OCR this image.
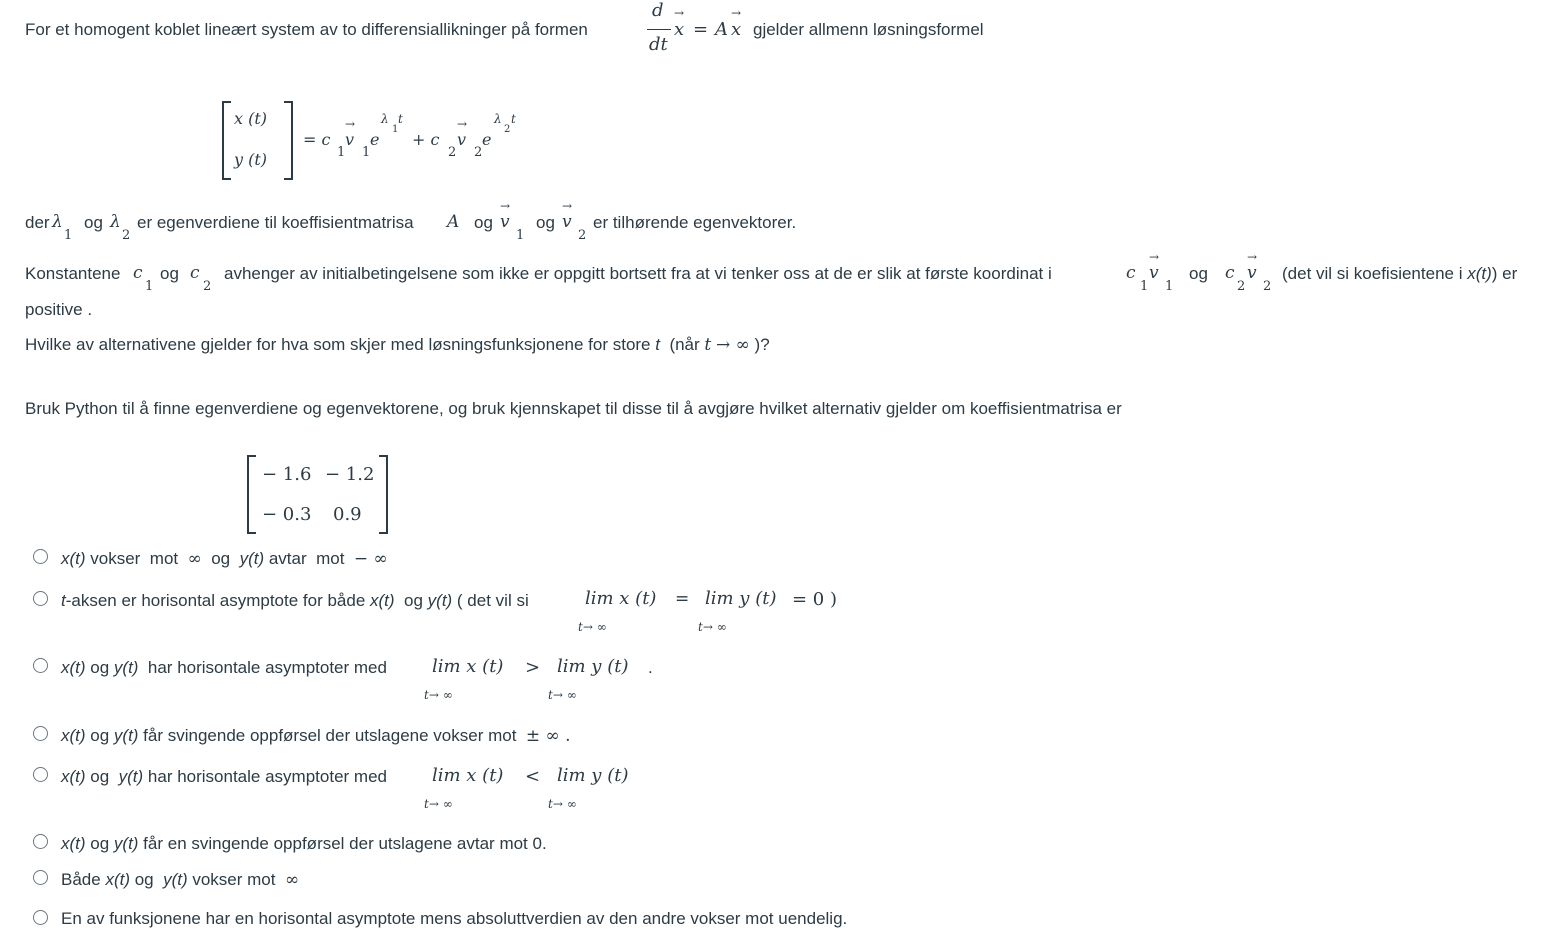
For et homogent koblet lineært system av to differensiallikninger på formen
d
dt
→ x = A → x gjelder allmenn løsningsformel
x (t)
y (t)
= c
1
→ v
1
e
λ
1
t
+ c
2
→ v
2
e
λ
2
t
der λ
1
og λ
2
er egenverdiene til koeffisientmatrisa A og → v
1
og → v
2
er tilhørende egenvektorer.
Konstantene c
1
og c
2
avhenger av initialbetingelsene som ikke er oppgitt bortsett fra at vi tenker oss at de er slik at første koordinat i	c
1
→ v
1
og c
2
→ v
2
(det vil si koefisientene i x(t)) er
positive .
Hvilke av alternativene gjelder for hva som skjer med løsningsfunksjonene for store t (når t → ∞ )?
Bruk Python til å finne egenverdiene og egenvektorene, og bruk kjennskapet til disse til å avgjøre hvilket alternativ gjelder om koeffisientmatrisa er
− 1.6 − 1.2
− 0.3 0.9
x(t) vokser  mot  ∞  og  y(t) avtar  mot  − ∞
t-aksen er horisontal asymptote for både x(t)  og y(t) ( det vil si	lim x (t) = lim y (t) = 0 )
t→ ∞	t→ ∞
x(t) og y(t)  har horisontale asymptoter med	lim x (t) > lim y (t) .
t→ ∞	t→ ∞
x(t) og y(t) får svingende oppførsel der utslagene vokser mot  ± ∞ .
x(t) og  y(t) har horisontale asymptoter med	lim x (t) < lim y (t)
t→ ∞	t→ ∞
x(t) og y(t) får en svingende oppførsel der utslagene avtar mot 0.
Både x(t) og  y(t) vokser mot  ∞
En av funksjonene har en horisontal asymptote mens absoluttverdien av den andre vokser mot uendelig.
